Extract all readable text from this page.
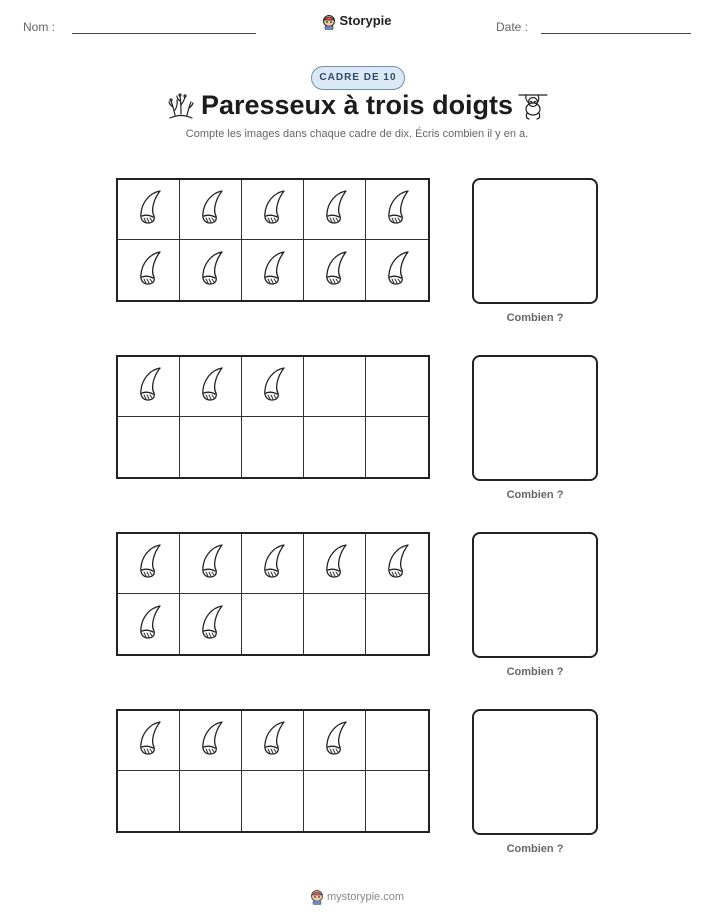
Nom :	Storypie	Date :
CADRE DE 10
Paresseux à trois doigts
Compte les images dans chaque cadre de dix. Écris combien il y en a.
Combien ?
Combien ?
Combien ?
Combien ?
mystorypie.com
